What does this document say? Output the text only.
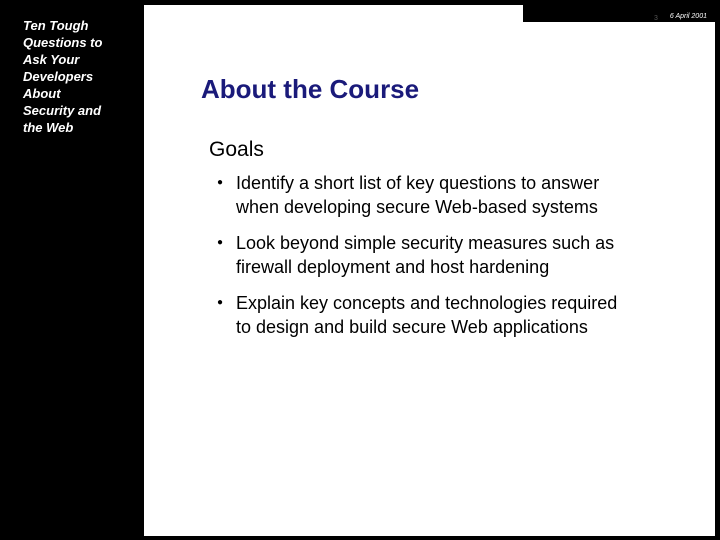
Ten Tough
Questions to
Ask Your
Developers
About
Security and
the Web
6 April 2001
3
About the Course
Goals
● Identify a short list of key questions to answer
when developing secure Web-based systems
● Look beyond simple security measures such as
firewall deployment and host hardening
● Explain key concepts and technologies required
to design and build secure Web applications
